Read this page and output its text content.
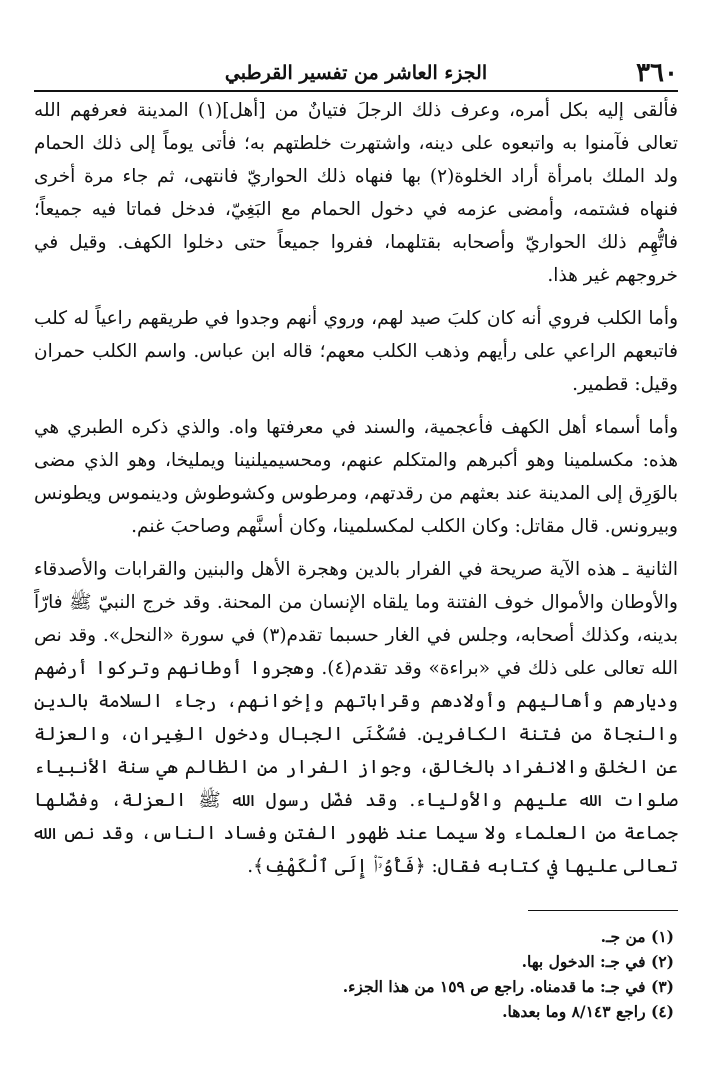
٣٦٠
الجزء العاشر من تفسير القرطبي

فألقى إليه بكل أمره، وعرف ذلك الرجلَ فتيانٌ من [أهل](١) المدينة فعرفهم الله تعالى فآمنوا به واتبعوه على دينه، واشتهرت خلطتهم به؛ فأتى يوماً إلى ذلك الحمام ولد الملك بامرأة أراد الخلوة(٢) بها فنهاه ذلك الحواريّ فانتهى، ثم جاء مرة أخرى فنهاه فشتمه، وأمضى عزمه في دخول الحمام مع البَغِيّ، فدخل فماتا فيه جميعاً؛ فاتُّهِم ذلك الحواريّ وأصحابه بقتلهما، ففروا جميعاً حتى دخلوا الكهف. وقيل في خروجهم غير هذا.

وأما الكلب فروي أنه كان كلبَ صيد لهم، وروي أنهم وجدوا في طريقهم راعياً له كلب فاتبعهم الراعي على رأيهم وذهب الكلب معهم؛ قاله ابن عباس. واسم الكلب حمران وقيل: قطمير.

وأما أسماء أهل الكهف فأعجمية، والسند في معرفتها واه. والذي ذكره الطبري هي هذه: مكسلمينا وهو أكبرهم والمتكلم عنهم، ومحسيميلنينا ويمليخا، وهو الذي مضى بالوَرِق إلى المدينة عند بعثهم من رقدتهم، ومرطوس وكشوطوش ودينموس ويطونس وبيرونس. قال مقاتل: وكان الكلب لمكسلمينا، وكان أسنَّهم وصاحبَ غنم.

الثانية ـ هذه الآية صريحة في الفرار بالدين وهجرة الأهل والبنين والقرابات والأصدقاء والأوطان والأموال خوف الفتنة وما يلقاه الإنسان من المحنة. وقد خرج النبيّ ﷺ فارّاً بدينه، وكذلك أصحابه، وجلس في الغار حسبما تقدم(٣) في سورة «النحل». وقد نص الله تعالى على ذلك في «براءة» وقد تقدم(٤). وهجروا أوطانهم وتركوا أرضهم وديارهم وأهاليهم وأولادهم وقراباتهم وإخوانهم، رجاء السلامة بالدين والنجاة من فتنة الكافرين. فسُكْنَى الجبال ودخول الغِيران، والعزلة عن الخلق والانفراد بالخالق، وجواز الفرار من الظالم هي سنة الأنبياء صلوات الله عليهم والأولياء. وقد فضّل رسول الله ﷺ العزلة، وفضّلها جماعة من العلماء ولا سيما عند ظهور الفتن وفساد الناس، وقد نص الله تعالى عليها في كتابه فقال: ﴿فَأْوُۥٓا۟ إِلَى ٱلْكَهْفِ﴾.

(١) من جـ.
(٢) في جـ: الدخول بها.
(٣) في جـ: ما قدمناه. راجع ص ١٥٩ من هذا الجزء.
(٤) راجع ٨/١٤٣ وما بعدها.
